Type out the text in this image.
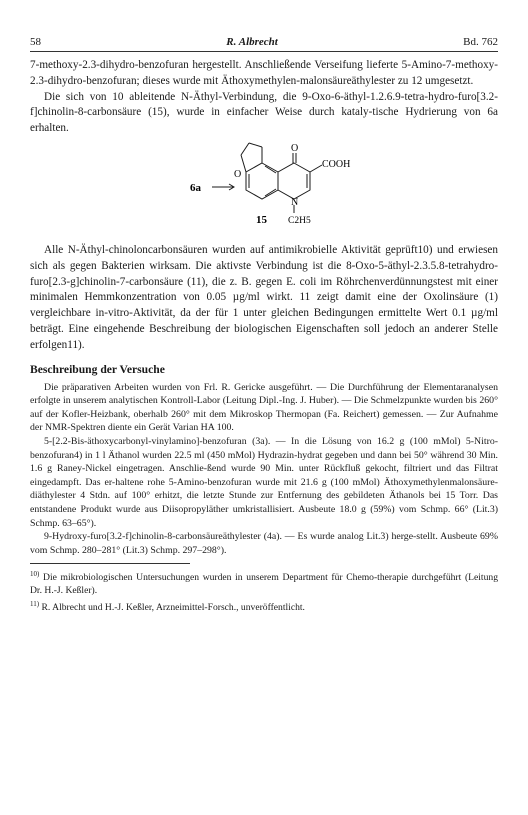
58	R. Albrecht	Bd. 762

7-methoxy-2.3-dihydro-benzofuran hergestellt. Anschließende Verseifung lieferte 5-Amino-7-methoxy-2.3-dihydro-benzofuran; dieses wurde mit Äthoxymethylen-malonsäureäthylester zu 12 umgesetzt.

Die sich von 10 ableitende N-Äthyl-Verbindung, die 9-Oxo-6-äthyl-1.2.6.9-tetra-hydro-furo[3.2-f]chinolin-8-carbonsäure (15), wurde in einfacher Weise durch kataly-tische Hydrierung von 6a erhalten.

6a
O
O
COOH
N
C2H5
15

Alle N-Äthyl-chinoloncarbonsäuren wurden auf antimikrobielle Aktivität geprüft10) und erwiesen sich als gegen Bakterien wirksam. Die aktivste Verbindung ist die 8-Oxo-5-äthyl-2.3.5.8-tetrahydro-furo[2.3-g]chinolin-7-carbonsäure (11), die z. B. gegen E. coli im Röhrchenverdünnungstest mit einer minimalen Hemmkonzentration von 0.05 µg/ml wirkt. 11 zeigt damit eine der Oxolinsäure (1) vergleichbare in-vitro-Aktivität, da der für 1 unter gleichen Bedingungen ermittelte Wert 0.1 µg/ml beträgt. Eine eingehende Beschreibung der biologischen Eigenschaften soll jedoch an anderer Stelle erfolgen11).

Beschreibung der Versuche

Die präparativen Arbeiten wurden von Frl. R. Gericke ausgeführt. — Die Durchführung der Elementaranalysen erfolgte in unserem analytischen Kontroll-Labor (Leitung Dipl.-Ing. J. Huber). — Die Schmelzpunkte wurden bis 260° auf der Kofler-Heizbank, oberhalb 260° mit dem Mikroskop Thermopan (Fa. Reichert) gemessen. — Zur Aufnahme der NMR-Spektren diente ein Gerät Varian HA 100.

5-[2.2-Bis-äthoxycarbonyl-vinylamino]-benzofuran (3a). — In die Lösung von 16.2 g (100 mMol) 5-Nitro-benzofuran4) in 1 l Äthanol wurden 22.5 ml (450 mMol) Hydrazin-hydrat gegeben und dann bei 50° während 30 Min. 1.6 g Raney-Nickel eingetragen. Anschlie-ßend wurde 90 Min. unter Rückfluß gekocht, filtriert und das Filtrat eingedampft. Das er-haltene rohe 5-Amino-benzofuran wurde mit 21.6 g (100 mMol) Äthoxymethylenmalonsäure-diäthylester 4 Stdn. auf 100° erhitzt, die letzte Stunde zur Entfernung des gebildeten Äthanols bei 15 Torr. Das entstandene Produkt wurde aus Diisopropyläther umkristallisiert. Ausbeute 18.0 g (59%) vom Schmp. 66° (Lit.3) Schmp. 63–65°).

9-Hydroxy-furo[3.2-f]chinolin-8-carbonsäureäthylester (4a). — Es wurde analog Lit.3) herge-stellt. Ausbeute 69% vom Schmp. 280–281° (Lit.3) Schmp. 297–298°).

$^{10)}$ Die mikrobiologischen Untersuchungen wurden in unserem Department für Chemo-therapie durchgeführt (Leitung Dr. H.-J. Keßler).

$^{11)}$ R. Albrecht und H.-J. Keßler, Arzneimittel-Forsch., unveröffentlicht.
